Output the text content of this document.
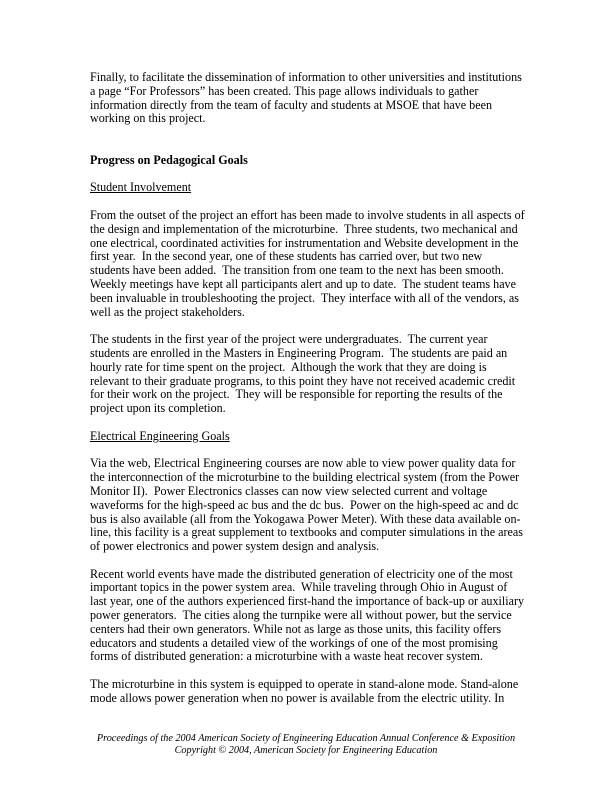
Finally, to facilitate the dissemination of information to other universities and institutions
a page “For Professors” has been created. This page allows individuals to gather
information directly from the team of faculty and students at MSOE that have been
working on this project.
Progress on Pedagogical Goals
Student Involvement
From the outset of the project an effort has been made to involve students in all aspects of
the design and implementation of the microturbine.  Three students, two mechanical and
one electrical, coordinated activities for instrumentation and Website development in the
first year.  In the second year, one of these students has carried over, but two new
students have been added.  The transition from one team to the next has been smooth.
Weekly meetings have kept all participants alert and up to date.  The student teams have
been invaluable in troubleshooting the project.  They interface with all of the vendors, as
well as the project stakeholders.
The students in the first year of the project were undergraduates.  The current year
students are enrolled in the Masters in Engineering Program.  The students are paid an
hourly rate for time spent on the project.  Although the work that they are doing is
relevant to their graduate programs, to this point they have not received academic credit
for their work on the project.  They will be responsible for reporting the results of the
project upon its completion.
Electrical Engineering Goals
Via the web, Electrical Engineering courses are now able to view power quality data for
the interconnection of the microturbine to the building electrical system (from the Power
Monitor II).  Power Electronics classes can now view selected current and voltage
waveforms for the high-speed ac bus and the dc bus.  Power on the high-speed ac and dc
bus is also available (all from the Yokogawa Power Meter). With these data available on-
line, this facility is a great supplement to textbooks and computer simulations in the areas
of power electronics and power system design and analysis.
Recent world events have made the distributed generation of electricity one of the most
important topics in the power system area.  While traveling through Ohio in August of
last year, one of the authors experienced first-hand the importance of back-up or auxiliary
power generators.  The cities along the turnpike were all without power, but the service
centers had their own generators. While not as large as those units, this facility offers
educators and students a detailed view of the workings of one of the most promising
forms of distributed generation: a microturbine with a waste heat recover system.
The microturbine in this system is equipped to operate in stand-alone mode. Stand-alone
mode allows power generation when no power is available from the electric utility. In
Proceedings of the 2004 American Society of Engineering Education Annual Conference & Exposition
Copyright © 2004, American Society for Engineering Education
